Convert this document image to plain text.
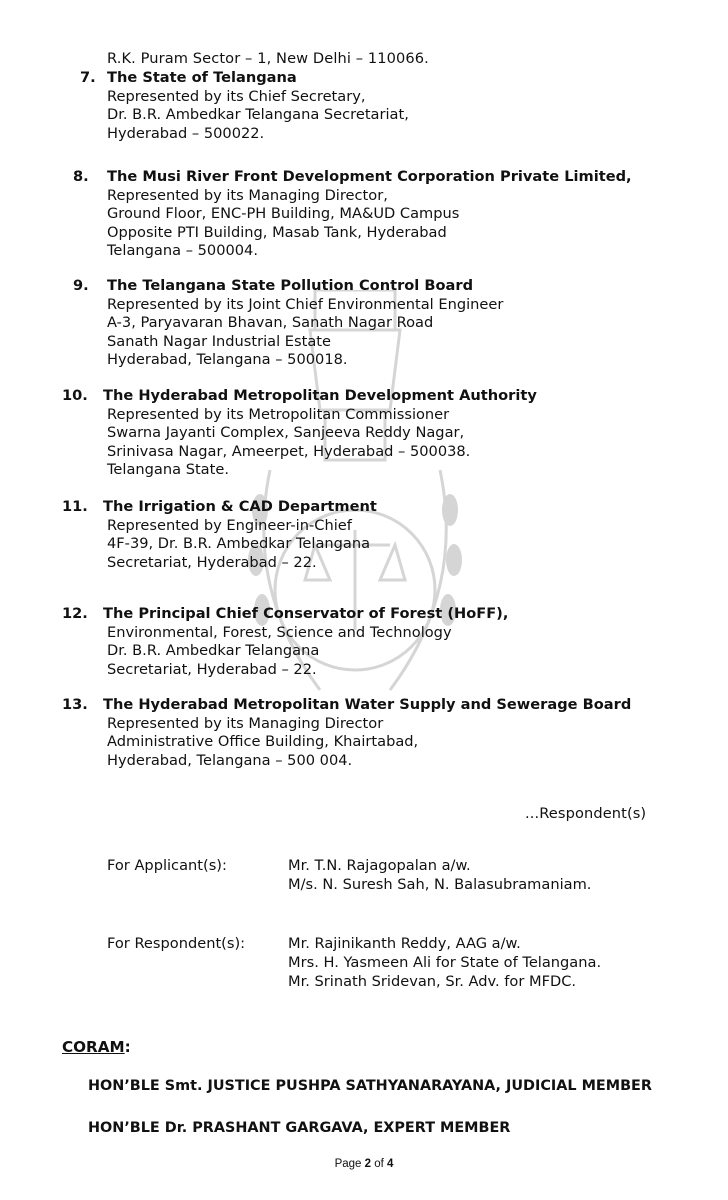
R.K. Puram Sector – 1, New Delhi – 110066.
7. The State of Telangana
Represented by its Chief Secretary,
Dr. B.R. Ambedkar Telangana Secretariat,
Hyderabad – 500022.
8. The Musi River Front Development Corporation Private Limited,
Represented by its Managing Director,
Ground Floor, ENC-PH Building, MA&UD Campus
Opposite PTI Building, Masab Tank, Hyderabad
Telangana – 500004.
9. The Telangana State Pollution Control Board
Represented by its Joint Chief Environmental Engineer
A-3, Paryavaran Bhavan, Sanath Nagar Road
Sanath Nagar Industrial Estate
Hyderabad, Telangana – 500018.
10. The Hyderabad Metropolitan Development Authority
Represented by its Metropolitan Commissioner
Swarna Jayanti Complex, Sanjeeva Reddy Nagar,
Srinivasa Nagar, Ameerpet, Hyderabad – 500038.
Telangana State.
11. The Irrigation & CAD Department
Represented by Engineer-in-Chief
4F-39, Dr. B.R. Ambedkar Telangana
Secretariat, Hyderabad – 22.
12. The Principal Chief Conservator of Forest (HoFF),
Environmental, Forest, Science and Technology
Dr. B.R. Ambedkar Telangana
Secretariat, Hyderabad – 22.
13. The Hyderabad Metropolitan Water Supply and Sewerage Board
Represented by its Managing Director
Administrative Office Building, Khairtabad,
Hyderabad, Telangana – 500 004.
...Respondent(s)
For Applicant(s):	Mr. T.N. Rajagopalan a/w.
M/s. N. Suresh Sah, N. Balasubramaniam.
For Respondent(s):	Mr. Rajinikanth Reddy, AAG a/w.
Mrs. H. Yasmeen Ali for State of Telangana.
Mr. Srinath Sridevan, Sr. Adv. for MFDC.
CORAM:
HON’BLE Smt. JUSTICE PUSHPA SATHYANARAYANA, JUDICIAL MEMBER
HON’BLE Dr. PRASHANT GARGAVA, EXPERT MEMBER
Page 2 of 4
